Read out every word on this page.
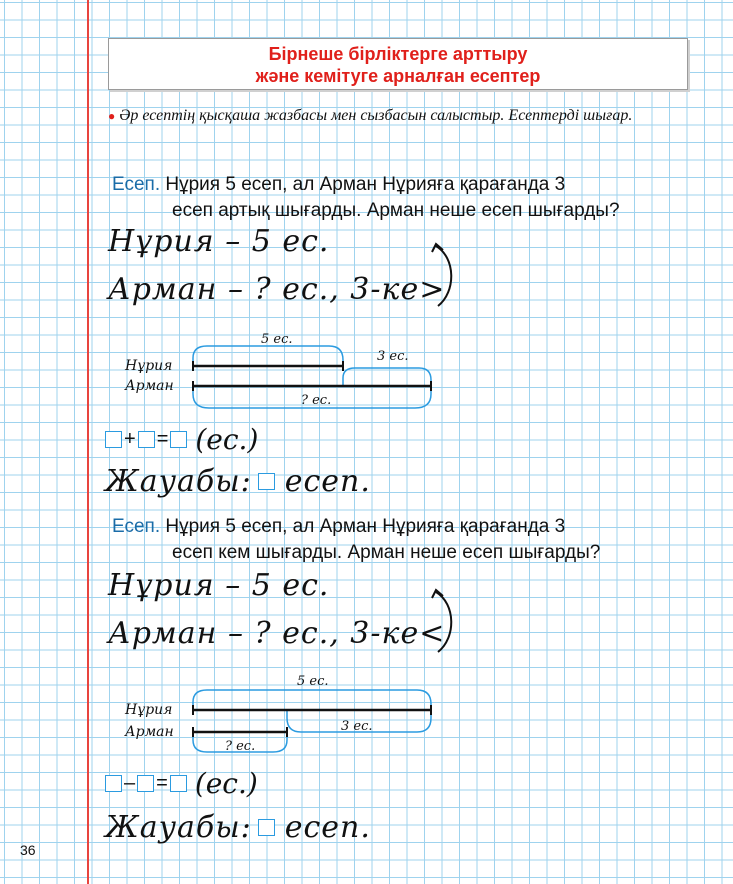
Бірнеше бірліктерге арттыру
және кемітуге арналған есептер
● Әр есептің қысқаша жазбасы мен сызбасын салыстыр. Есептерді шығар.
Есеп. Нұрия 5 есеп, ал Арман Нұрияға қарағанда 3
есеп артық шығарды. Арман неше есеп шығарды?
Нұрия – 5 ес.
Арман – ? ес., 3-ке>
5 ес.
3 ес.
? ес.
Нұрия
Арман
+ = (ес.)
Жауабы: есеп.
Есеп. Нұрия 5 есеп, ал Арман Нұрияға қарағанда 3
есеп кем шығарды. Арман неше есеп шығарды?
Нұрия – 5 ес.
Арман – ? ес., 3-ке<
5 ес.
3 ес.
? ес.
Нұрия
Арман
– = (ес.)
Жауабы: есеп.
36
